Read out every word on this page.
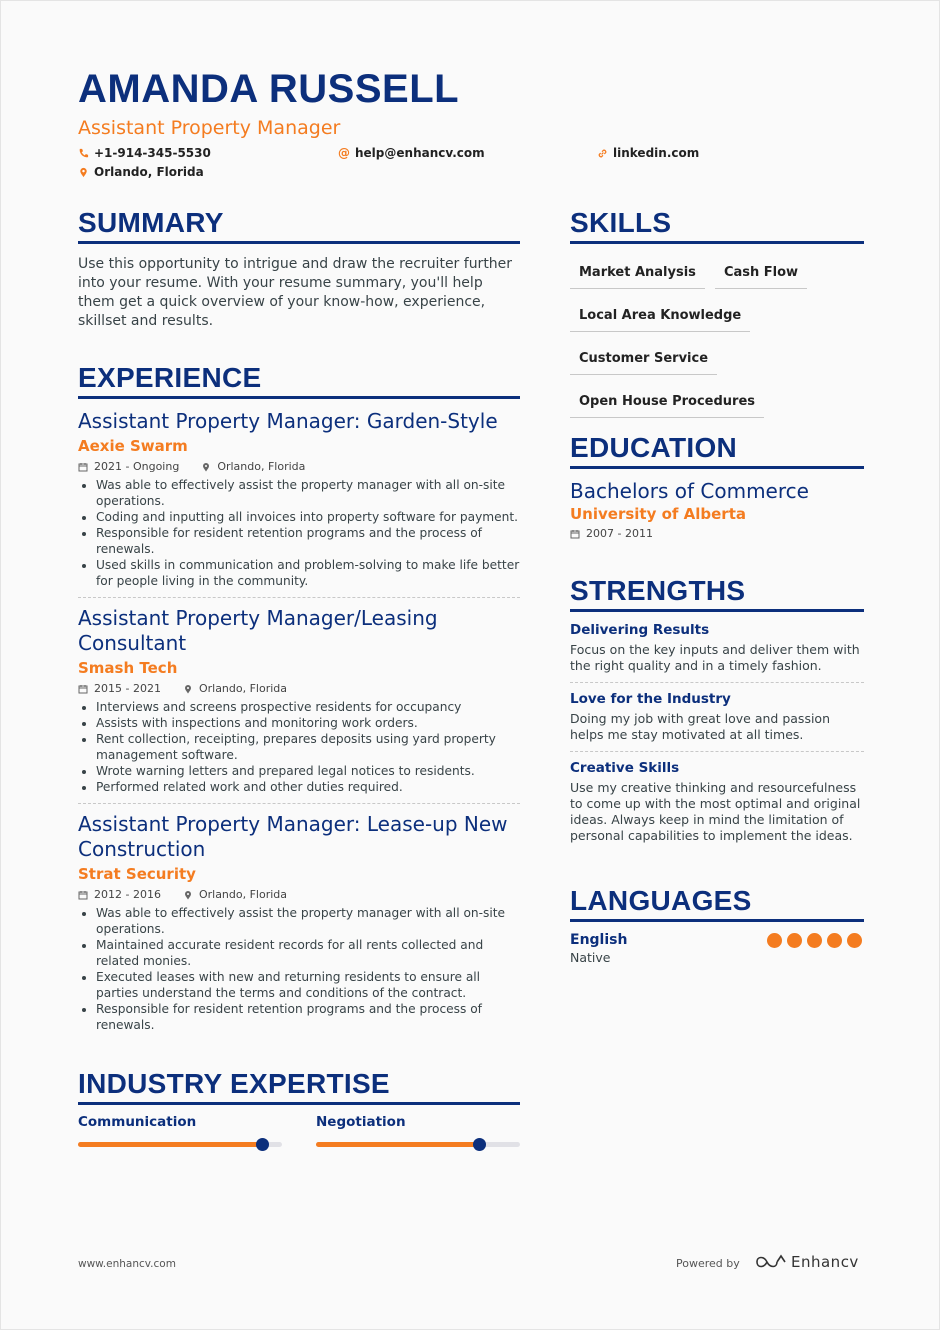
AMANDA RUSSELL
Assistant Property Manager
+1-914-345-5530	@ help@enhancv.com	linkedin.com
Orlando, Florida
SUMMARY
Use this opportunity to intrigue and draw the recruiter further into your resume. With your resume summary, you'll help them get a quick overview of your know-how, experience, skillset and results.
EXPERIENCE
Assistant Property Manager: Garden-Style
Aexie Swarm
2021 - Ongoing	Orlando, Florida
• Was able to effectively assist the property manager with all on-site operations.
• Coding and inputting all invoices into property software for payment.
• Responsible for resident retention programs and the process of renewals.
• Used skills in communication and problem-solving to make life better for people living in the community.
Assistant Property Manager/Leasing Consultant
Smash Tech
2015 - 2021	Orlando, Florida
• Interviews and screens prospective residents for occupancy
• Assists with inspections and monitoring work orders.
• Rent collection, receipting, prepares deposits using yard property management software.
• Wrote warning letters and prepared legal notices to residents.
• Performed related work and other duties required.
Assistant Property Manager: Lease-up New Construction
Strat Security
2012 - 2016	Orlando, Florida
• Was able to effectively assist the property manager with all on-site operations.
• Maintained accurate resident records for all rents collected and related monies.
• Executed leases with new and returning residents to ensure all parties understand the terms and conditions of the contract.
• Responsible for resident retention programs and the process of renewals.
INDUSTRY EXPERTISE
Communication	Negotiation
SKILLS
Market Analysis Cash Flow
Local Area Knowledge
Customer Service
Open House Procedures
EDUCATION
Bachelors of Commerce
University of Alberta
2007 - 2011
STRENGTHS
Delivering Results
Focus on the key inputs and deliver them with the right quality and in a timely fashion.
Love for the Industry
Doing my job with great love and passion helps me stay motivated at all times.
Creative Skills
Use my creative thinking and resourcefulness to come up with the most optimal and original ideas. Always keep in mind the limitation of personal capabilities to implement the ideas.
LANGUAGES
English
Native
www.enhancv.com	Powered by	Enhancv
